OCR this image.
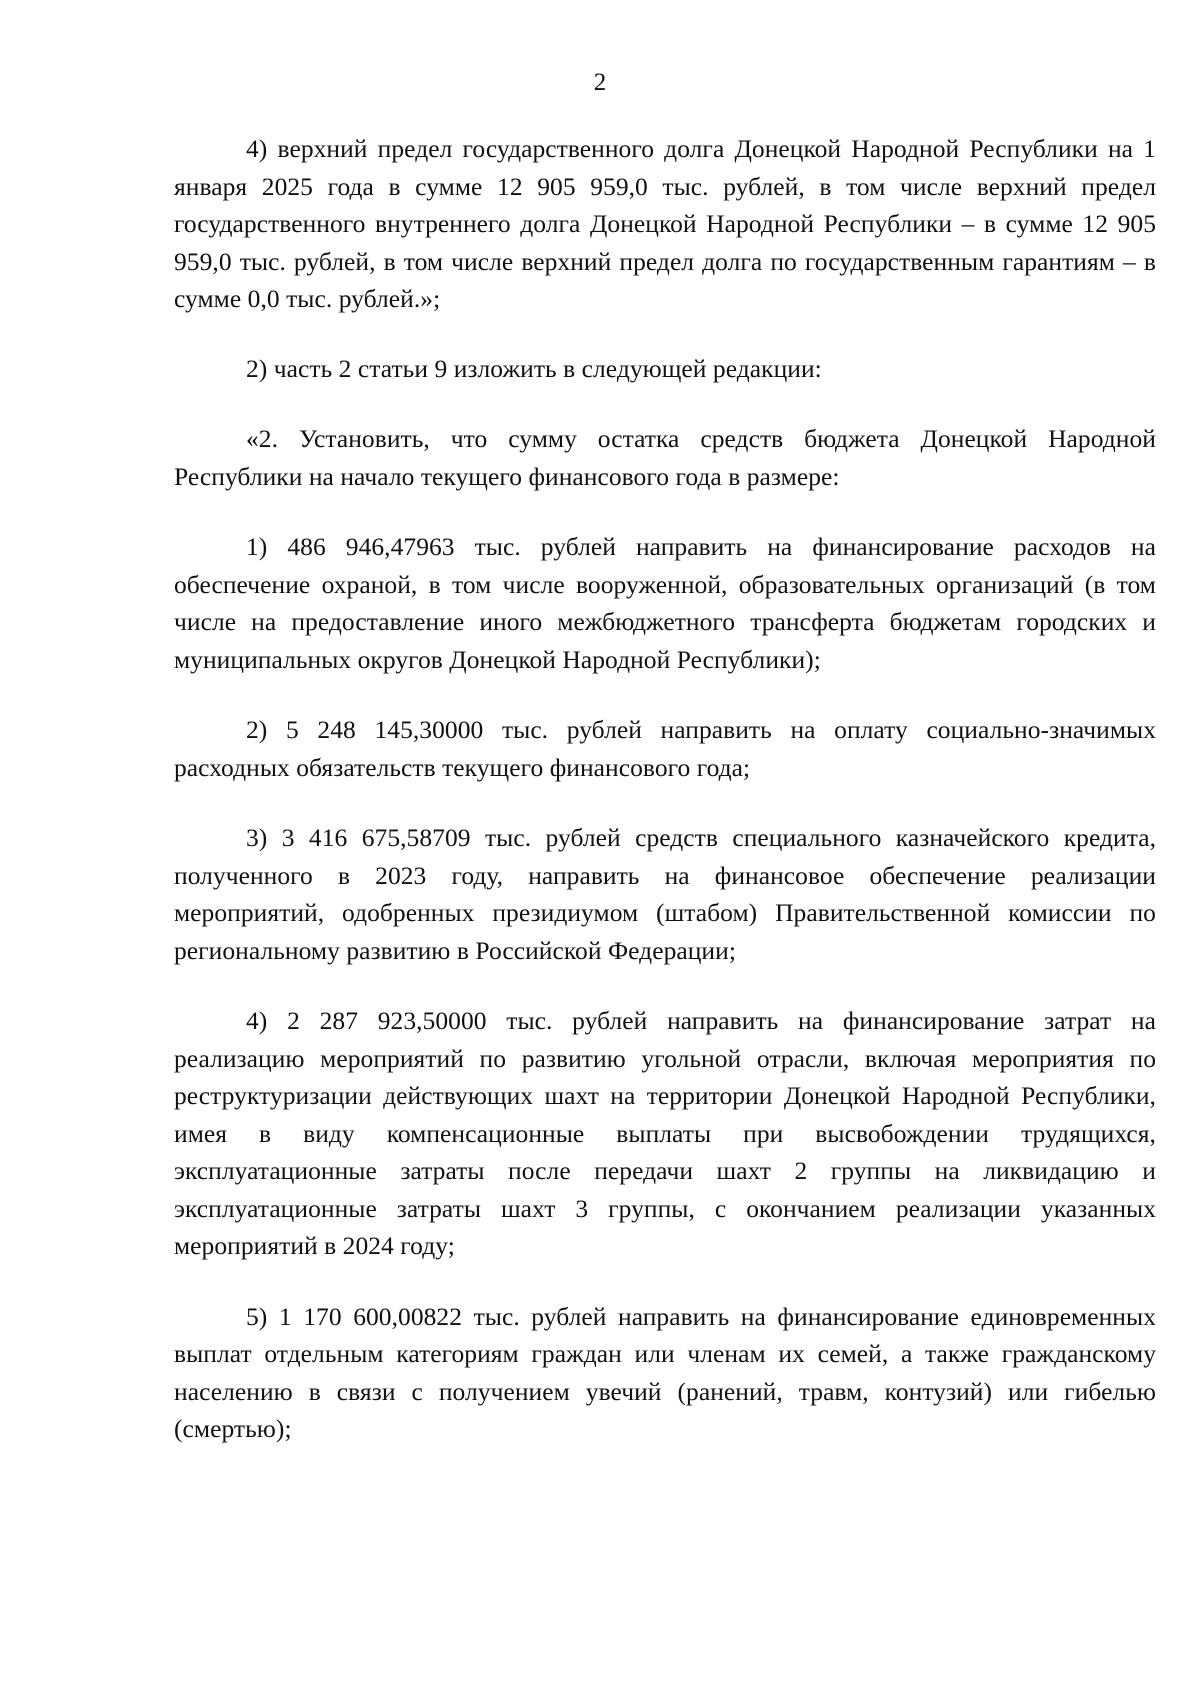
2

4) верхний предел государственного долга Донецкой Народной Республики на 1 января 2025 года в сумме 12 905 959,0 тыс. рублей, в том числе верхний предел государственного внутреннего долга Донецкой Народной Республики – в сумме 12 905 959,0 тыс. рублей, в том числе верхний предел долга по государственным гарантиям – в сумме 0,0 тыс. рублей.»;

2) часть 2 статьи 9 изложить в следующей редакции:

«2. Установить, что сумму остатка средств бюджета Донецкой Народной Республики на начало текущего финансового года в размере:

1) 486 946,47963 тыс. рублей направить на финансирование расходов на обеспечение охраной, в том числе вооруженной, образовательных организаций (в том числе на предоставление иного межбюджетного трансферта бюджетам городских и муниципальных округов Донецкой Народной Республики);

2) 5 248 145,30000 тыс. рублей направить на оплату социально-значимых расходных обязательств текущего финансового года;

3) 3 416 675,58709 тыс. рублей средств специального казначейского кредита, полученного в 2023 году, направить на финансовое обеспечение реализации мероприятий, одобренных президиумом (штабом) Правительственной комиссии по региональному развитию в Российской Федерации;

4) 2 287 923,50000 тыс. рублей направить на финансирование затрат на реализацию мероприятий по развитию угольной отрасли, включая мероприятия по реструктуризации действующих шахт на территории Донецкой Народной Республики, имея в виду компенсационные выплаты при высвобождении трудящихся, эксплуатационные затраты после передачи шахт 2 группы на ликвидацию и эксплуатационные затраты шахт 3 группы, с окончанием реализации указанных мероприятий в 2024 году;

5) 1 170 600,00822 тыс. рублей направить на финансирование единовременных выплат отдельным категориям граждан или членам их семей, а также гражданскому населению в связи с получением увечий (ранений, травм, контузий) или гибелью (смертью);
